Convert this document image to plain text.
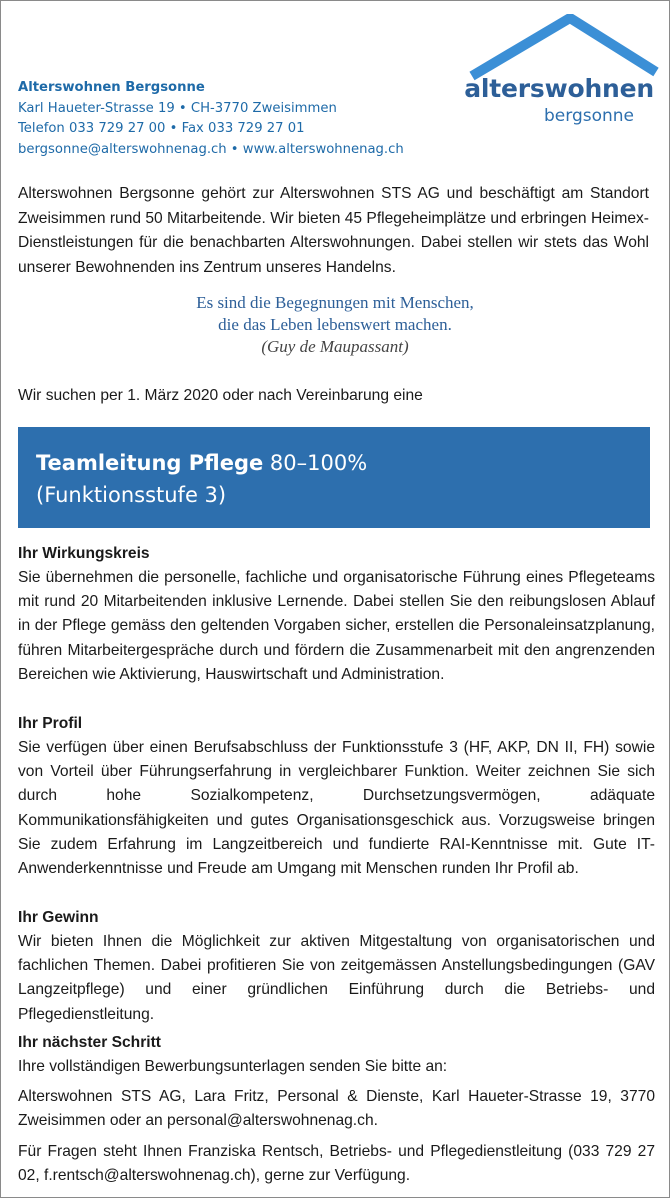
Alterswohnen Bergsonne
Karl Haueter-Strasse 19 • CH-3770 Zweisimmen
Telefon 033 729 27 00 • Fax 033 729 27 01
bergsonne@alterswohnenag.ch • www.alterswohnenag.ch
alterswohnen
bergsonne
Alterswohnen Bergsonne gehört zur Alterswohnen STS AG und beschäftigt am Standort Zweisimmen rund 50 Mitarbeitende. Wir bieten 45 Pflegeheimplätze und erbringen Heimex-Dienstleistungen für die benachbarten Alterswohnungen. Dabei stellen wir stets das Wohl unserer Bewohnenden ins Zentrum unseres Handelns.
Es sind die Begegnungen mit Menschen,
die das Leben lebenswert machen.
(Guy de Maupassant)
Wir suchen per 1. März 2020 oder nach Vereinbarung eine
Teamleitung Pflege 80–100%
(Funktionsstufe 3)
Ihr Wirkungskreis

Sie übernehmen die personelle, fachliche und organisatorische Führung eines Pflegeteams mit rund 20 Mitarbeitenden inklusive Lernende. Dabei stellen Sie den reibungslosen Ablauf in der Pflege gemäss den geltenden Vorgaben sicher, erstellen die Personaleinsatzplanung, führen Mitarbeitergespräche durch und fördern die Zusammenarbeit mit den angrenzenden Bereichen wie Aktivierung, Hauswirtschaft und Administration.

Ihr Profil

Sie verfügen über einen Berufsabschluss der Funktionsstufe 3 (HF, AKP, DN II, FH) sowie von Vorteil über Führungserfahrung in vergleichbarer Funktion. Weiter zeichnen Sie sich durch hohe Sozialkompetenz, Durchsetzungsvermögen, adäquate Kommunikationsfähigkeiten und gutes Organisationsgeschick aus. Vorzugsweise bringen Sie zudem Erfahrung im Langzeitbereich und fundierte RAI-Kenntnisse mit. Gute IT-Anwenderkenntnisse und Freude am Umgang mit Menschen runden Ihr Profil ab.

Ihr Gewinn

Wir bieten Ihnen die Möglichkeit zur aktiven Mitgestaltung von organisatorischen und fachlichen Themen. Dabei profitieren Sie von zeitgemässen Anstellungsbedingungen (GAV Langzeitpflege) und einer gründlichen Einführung durch die Betriebs- und Pflegedienstleitung.

Ihr nächster Schritt

Ihre vollständigen Bewerbungsunterlagen senden Sie bitte an:

Alterswohnen STS AG, Lara Fritz, Personal & Dienste, Karl Haueter-Strasse 19, 3770 Zweisimmen oder an personal@alterswohnenag.ch.

Für Fragen steht Ihnen Franziska Rentsch, Betriebs- und Pflegedienstleitung (033 729 27 02, f.rentsch@alterswohnenag.ch), gerne zur Verfügung.
